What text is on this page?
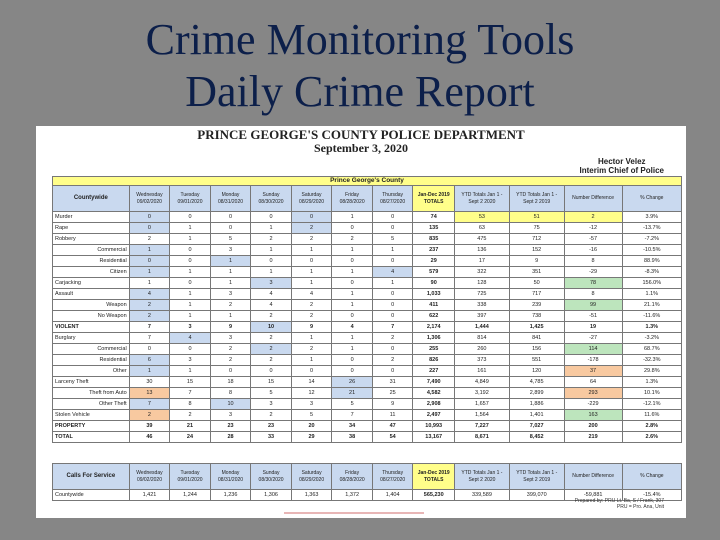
Crime Monitoring Tools
Daily Crime Report
PRINCE GEORGE'S COUNTY POLICE DEPARTMENT
September 3, 2020
Hector Velez
Interim Chief of Police
Prince George's County												
Countywide	Wednesday 09/02/2020	Tuesday 09/01/2020	Monday 08/31/2020	Sunday 08/30/2020	Saturday 08/29/2020	Friday 08/28/2020	Thursday 08/27/2020	Jan-Dec 2019 TOTALS	YTD Totals Jan 1 - Sept 2 2020	YTD Totals Jan 1 - Sept 2 2019	Number Difference	% Change
Murder	0	0	0	0	0	1	0	74	53	51	2	3.9%
Rape	0	1	0	1	2	0	0	135	63	75	-12	-13.7%
Robbery	2	1	5	2	2	2	5	835	475	712	-57	-7.2%
Commercial	1	0	3	1	1	1	1	237	136	152	-16	-10.5%
Residential	0	0	1	0	0	0	0	29	17	9	8	88.9%
Citizen	1	1	1	1	1	1	4	579	322	351	-29	-8.3%
Carjacking	1	0	1	3	1	0	1	90	128	50	78	156.0%
Assault	4	1	3	4	4	1	0	1,033	725	717	8	1.1%
Weapon	2	1	2	4	2	1	0	411	338	239	99	21.1%
No Weapon	2	1	1	2	2	0	0	622	397	738	-51	-11.6%
VIOLENT	7	3	9	10	9	4	7	2,174	1,444	1,425	19	1.3%
Burglary	7	4	3	2	1	1	2	1,306	814	841	-27	-3.2%
Commercial	0	0	2	2	2	1	0	255	260	156	114	68.7%
Residential	6	3	2	2	1	0	2	826	373	551	-178	-32.3%
Other	1	1	0	0	0	0	0	227	161	120	37	29.8%
Larceny Theft	30	15	18	15	14	26	31	7,490	4,849	4,785	64	1.3%
Theft from Auto	13	7	8	5	12	21	25	4,582	3,192	2,899	293	10.1%
Other Theft	7	8	10	3	3	5	9	2,908	1,657	1,886	-229	-12.1%
Stolen Vehicle	2	2	3	2	5	7	11	2,497	1,564	1,401	163	11.6%
PROPERTY	39	21	23	23	20	34	47	10,993	7,227	7,027	200	2.8%
TOTAL	46	24	28	33	29	38	54	13,167	8,671	8,452	219	2.6%
Calls For Service	Wednesday 09/02/2020	Tuesday 09/01/2020	Monday 08/31/2020	Sunday 08/30/2020	Saturday 08/29/2020	Friday 08/28/2020	Thursday 08/27/2020	Jan-Dec 2019 TOTALS	YTD Totals Jan 1 - Sept 2 2020	YTD Totals Jan 1 - Sept 2 2019	Number Difference	% Change
Countywide	1,421	1,244	1,236	1,306	1,363	1,372	1,404	565,230	339,589	399,070	-59,881	-15.4%
Prepared by: PRU Lt. Ba, S / Frank, 307
PRU = Pro. Ana, Unit
